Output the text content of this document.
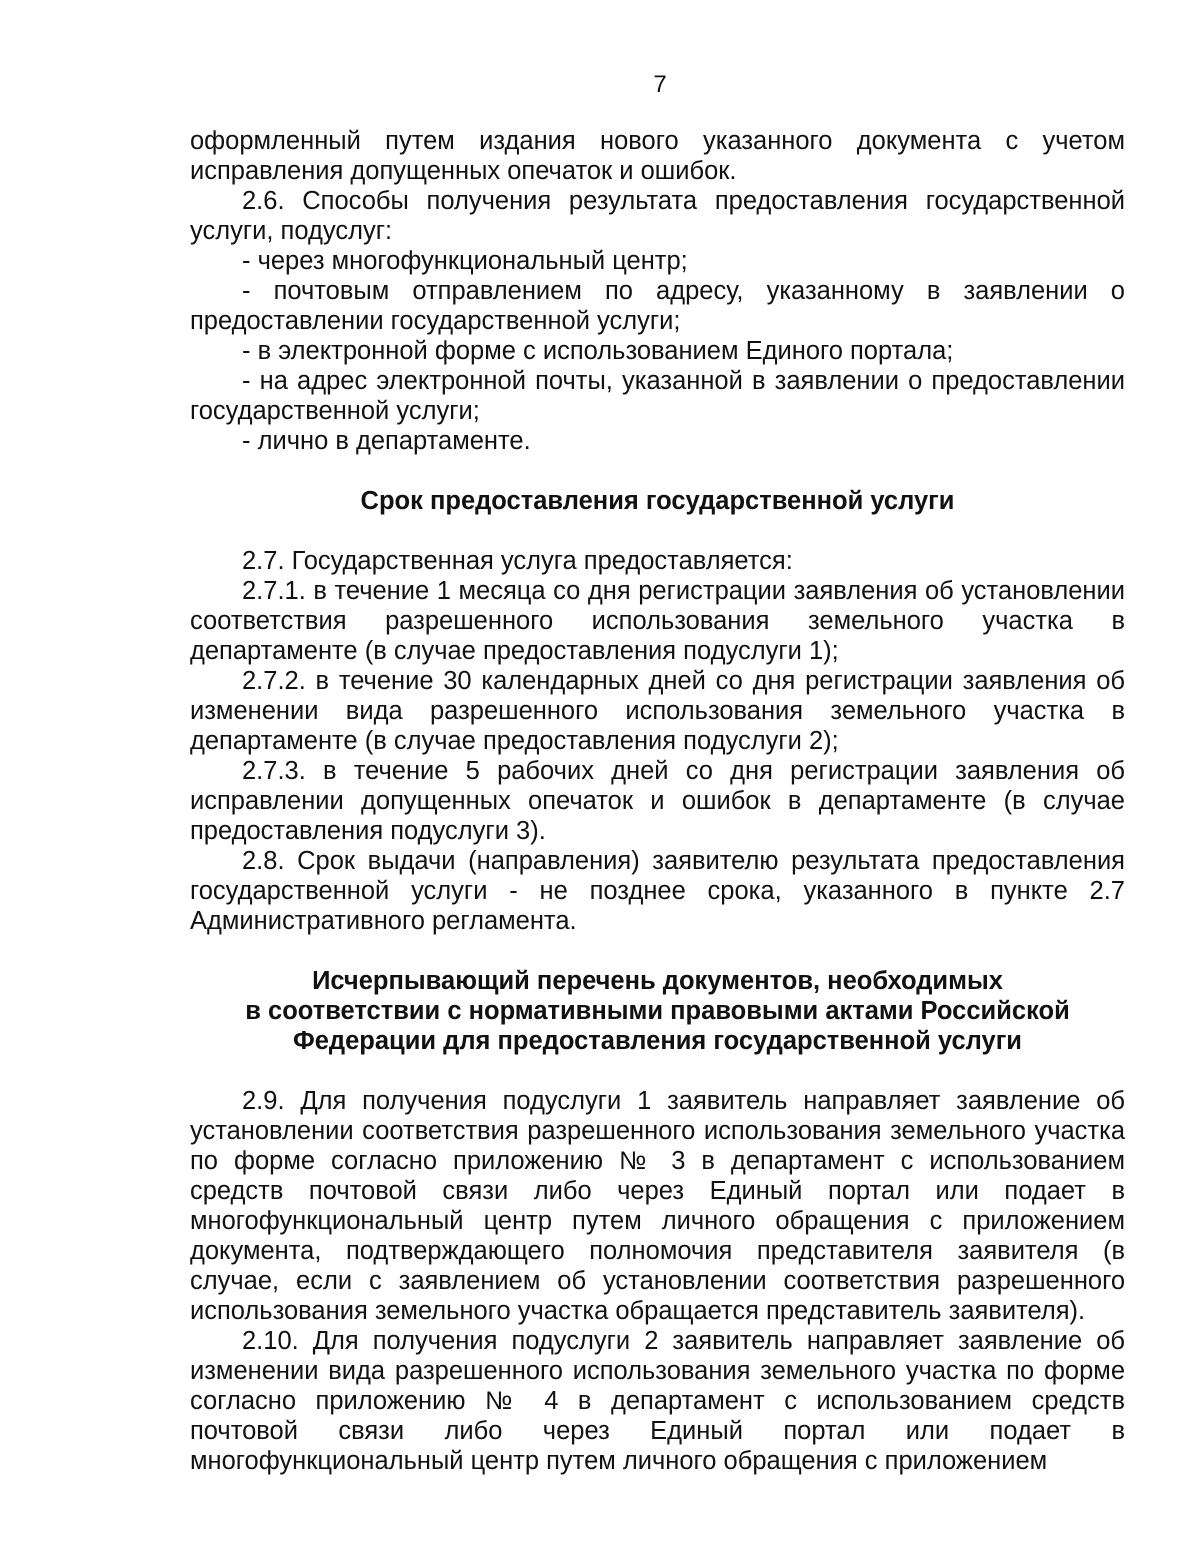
7

оформленный путем издания нового указанного документа с учетом исправления допущенных опечаток и ошибок.

2.6. Способы получения результата предоставления государственной услуги, подуслуг:

- через многофункциональный центр;

- почтовым отправлением по адресу, указанному в заявлении о предоставлении государственной услуги;

- в электронной форме с использованием Единого портала;

- на адрес электронной почты, указанной в заявлении о предоставлении государственной услуги;

- лично в департаменте.

Срок предоставления государственной услуги

2.7. Государственная услуга предоставляется:

2.7.1. в течение 1 месяца со дня регистрации заявления об установлении соответствия разрешенного использования земельного участка в департаменте (в случае предоставления подуслуги 1);

2.7.2. в течение 30 календарных дней со дня регистрации заявления об изменении вида разрешенного использования земельного участка в департаменте (в случае предоставления подуслуги 2);

2.7.3. в течение 5 рабочих дней со дня регистрации заявления об исправлении допущенных опечаток и ошибок в департаменте (в случае предоставления подуслуги 3).

2.8. Срок выдачи (направления) заявителю результата предоставления государственной услуги - не позднее срока, указанного в пункте 2.7 Административного регламента.

Исчерпывающий перечень документов, необходимых
в соответствии с нормативными правовыми актами Российской
Федерации для предоставления государственной услуги

2.9. Для получения подуслуги 1 заявитель направляет заявление об установлении соответствия разрешенного использования земельного участка по форме согласно приложению № 3 в департамент с использованием средств почтовой связи либо через Единый портал или подает в многофункциональный центр путем личного обращения с приложением документа, подтверждающего полномочия представителя заявителя (в случае, если с заявлением об установлении соответствия разрешенного использования земельного участка обращается представитель заявителя).

2.10. Для получения подуслуги 2 заявитель направляет заявление об изменении вида разрешенного использования земельного участка по форме согласно приложению № 4 в департамент с использованием средств почтовой связи либо через Единый портал или подает в многофункциональный центр путем личного обращения с приложением
